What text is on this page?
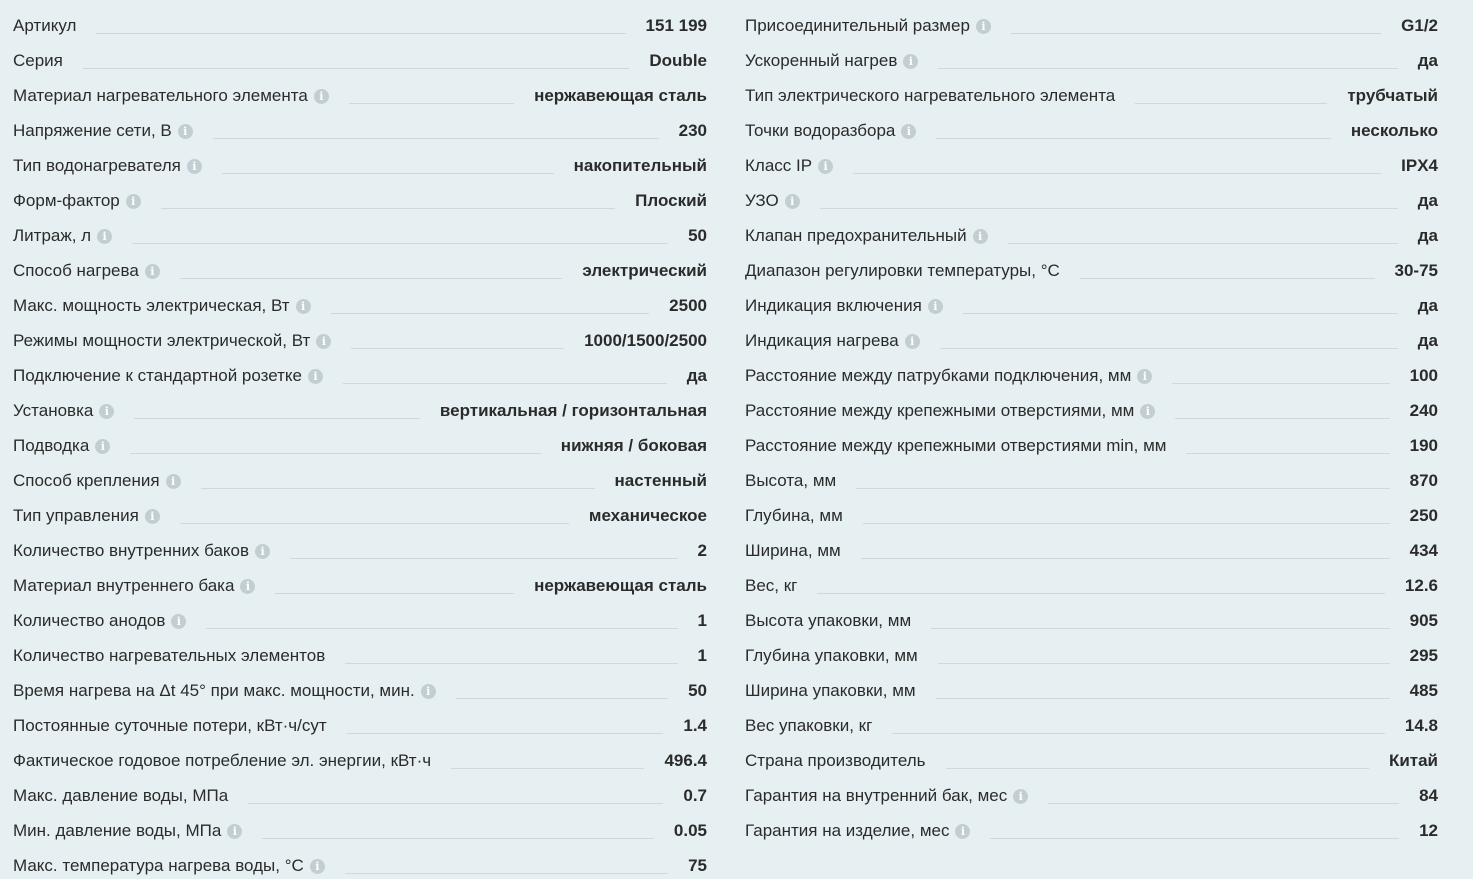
Артикул	151 199
Серия	Double
Материал нагревательного элемента	i	нержавеющая сталь
Напряжение сети, В	i	230
Тип водонагревателя	i	накопительный
Форм-фактор	i	Плоский
Литраж, л	i	50
Способ нагрева	i	электрический
Макс. мощность электрическая, Вт	i	2500
Режимы мощности электрической, Вт	i	1000/1500/2500
Подключение к стандартной розетке	i	да
Установка	i	вертикальная / горизонтальная
Подводка	i	нижняя / боковая
Способ крепления	i	настенный
Тип управления	i	механическое
Количество внутренних баков	i	2
Материал внутреннего бака	i	нержавеющая сталь
Количество анодов	i	1
Количество нагревательных элементов	1
Время нагрева на Δt 45° при макс. мощности, мин.	i	50
Постоянные суточные потери, кВт·ч/сут	1.4
Фактическое годовое потребление эл. энергии, кВт·ч	496.4
Макс. давление воды, МПа	0.7
Мин. давление воды, МПа	i	0.05
Макс. температура нагрева воды, °С	i	75
Присоединительный размер	i	G1/2
Ускоренный нагрев	i	да
Тип электрического нагревательного элемента	трубчатый
Точки водоразбора	i	несколько
Класс IP	i	IPX4
УЗО	i	да
Клапан предохранительный	i	да
Диапазон регулировки температуры, °С	30-75
Индикация включения	i	да
Индикация нагрева	i	да
Расстояние между патрубками подключения, мм	i	100
Расстояние между крепежными отверстиями, мм	i	240
Расстояние между крепежными отверстиями min, мм	190
Высота, мм	870
Глубина, мм	250
Ширина, мм	434
Вес, кг	12.6
Высота упаковки, мм	905
Глубина упаковки, мм	295
Ширина упаковки, мм	485
Вес упаковки, кг	14.8
Страна производитель	Китай
Гарантия на внутренний бак, мес	i	84
Гарантия на изделие, мес	i	12
